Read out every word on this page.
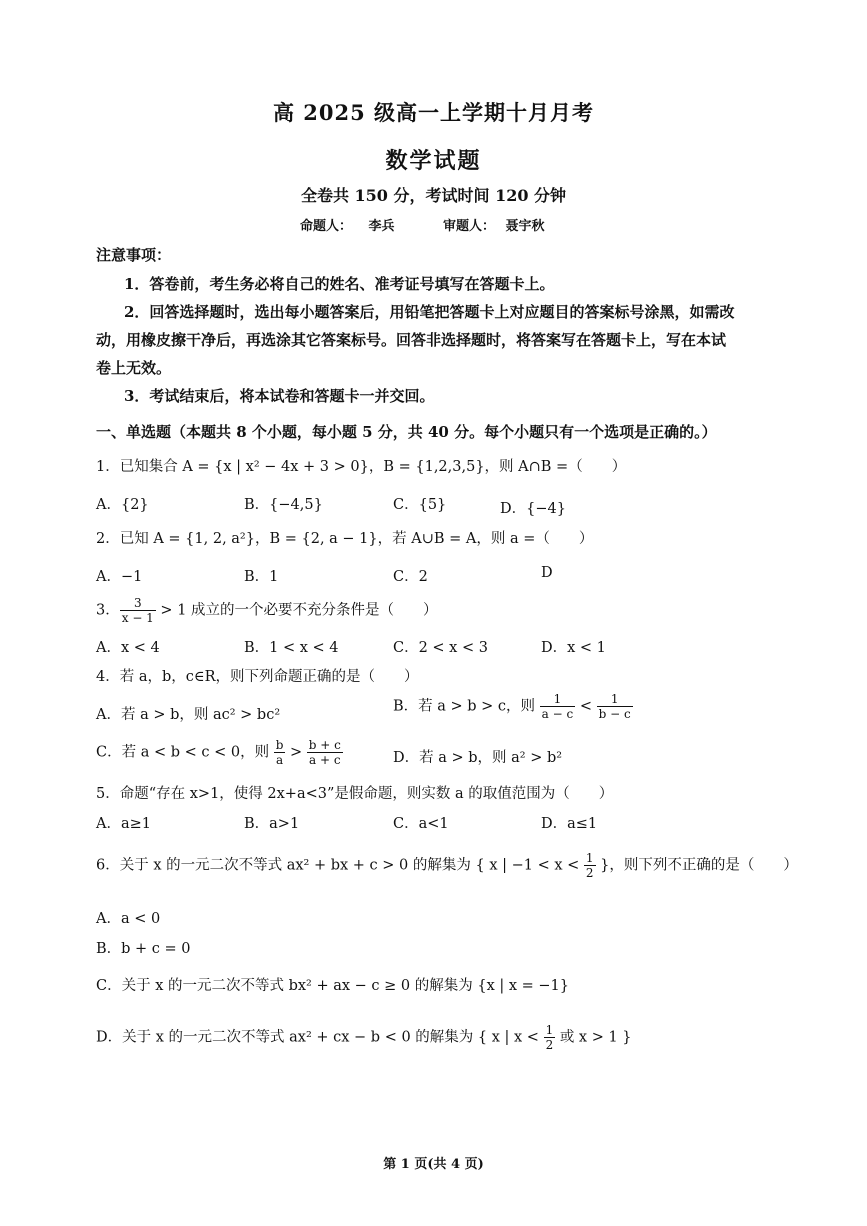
高 2025 级高一上学期十月月考
数学试题
全卷共 150 分，考试时间 120 分钟
命题人： 李兵	审题人： 聂宇秋
注意事项：
1．答卷前，考生务必将自己的姓名、准考证号填写在答题卡上。
2．回答选择题时，选出每小题答案后，用铅笔把答题卡上对应题目的答案标号涂黑，如需改动，用橡皮擦干净后，再选涂其它答案标号。回答非选择题时，将答案写在答题卡上，写在本试卷上无效。
3．考试结束后，将本试卷和答题卡一并交回。
一、单选题（本题共 8 个小题，每小题 5 分，共 40 分。每个小题只有一个选项是正确的。）
1．已知集合 A = {x | x² − 4x + 3 > 0}，B = {1,2,3,5}，则 A∩B =（　　）
A．{2}	B．{−4,5}	C．{5}	D．{−4}
2．已知 A = {1, 2, a²}，B = {2, a − 1}，若 A∪B = A，则 a =（　　）
A．−1	B．1	C．2	D
3． $\frac{3}{x - 1} > 1$ 成立的一个必要不充分条件是（　　）
A．x < 4	B．1 < x < 4	C．2 < x < 3	D．x < 1
4．若 a，b，c∈R，则下列命题正确的是（　　）
A．若 a > b，则 ac² > bc²
B．若 a > b > c，则 $\frac{1}{a - c} < \frac{1}{b - c}$
C．若 a < b < c < 0，则 $\frac{b}{a} > \frac{b + c}{a + c}$	D．若 a > b，则 a² > b²
5．命题“存在 x>1，使得 2x+a<3”是假命题，则实数 a 的取值范围为（　　）
A．a≥1	B．a>1	C．a<1	D．a≤1
6．关于 x 的一元二次不等式 ax² + bx + c > 0 的解集为 { x | $-1 < x < \frac{1}{2}$ }，则下列不正确的是（　　）
A．a < 0
B．b + c = 0
C．关于 x 的一元二次不等式 bx² + ax − c ≥ 0 的解集为 {x | x = −1}
D．关于 x 的一元二次不等式 ax² + cx − b < 0 的解集为 { x | $x < \frac{1}{2}$ 或 x > 1 }
第 1 页(共 4 页)
